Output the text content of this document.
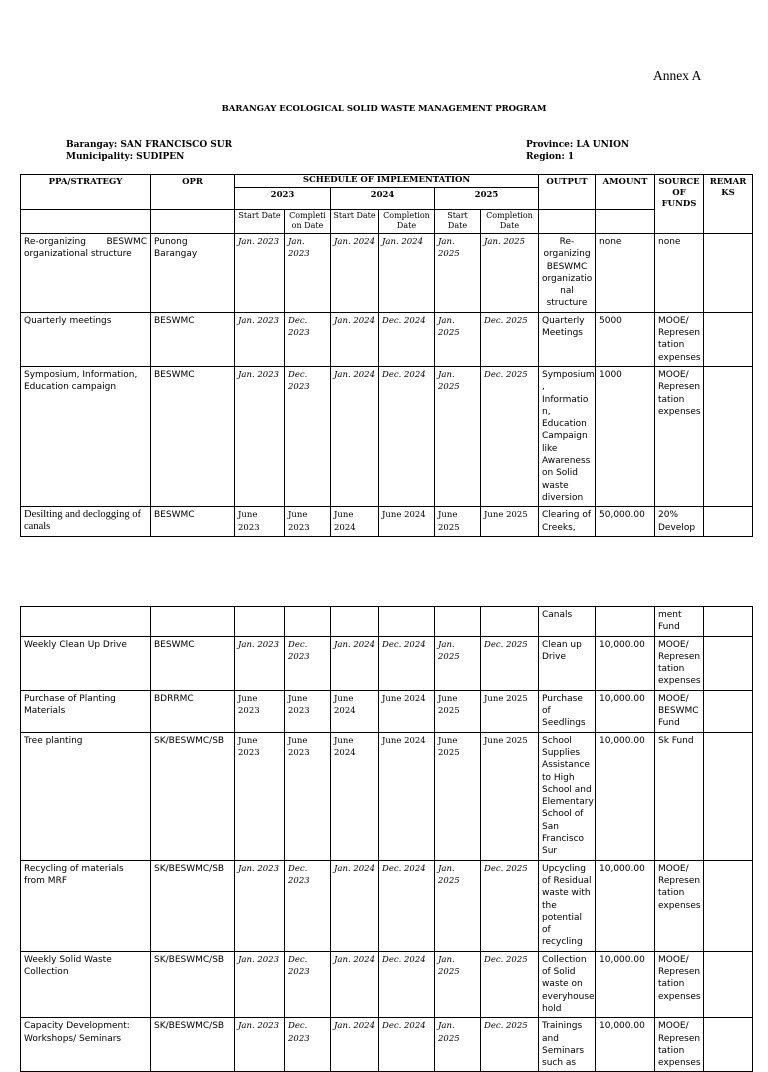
Annex A
BARANGAY ECOLOGICAL SOLID WASTE MANAGEMENT PROGRAM
Barangay: SAN FRANCISCO SUR
Municipality: SUDIPEN
Province: LA UNION
Region: 1
PPA/STRATEGY	OPR	SCHEDULE OF IMPLEMENTATION						OUTPUT	AMOUNT	SOURCE OF FUNDS	REMAR KS
		2023		2024		2025					
		Start Date	Completi on Date	Start Date	Completion Date	Start Date	Completion Date				
Re-organizing BESWMC organizational structure	Punong Barangay	Jan. 2023	Jan. 2023	Jan. 2024	Jan. 2024	Jan. 2025	Jan. 2025	Re-organizing BESWMC organizatio nal structure	none	none	
Quarterly meetings	BESWMC	Jan. 2023	Dec. 2023	Jan. 2024	Dec. 2024	Jan. 2025	Dec. 2025	Quarterly Meetings	5000	MOOE/ Represen tation expenses	
Symposium, Information, Education campaign	BESWMC	Jan. 2023	Dec. 2023	Jan. 2024	Dec. 2024	Jan. 2025	Dec. 2025	Symposium , Informatio n, Education Campaign like Awareness on Solid waste diversion	1000	MOOE/ Represen tation expenses	
Desilting and declogging of canals	BESWMC	June 2023	June 2023	June 2024	June 2024	June 2025	June 2025	Clearing of Creeks,	50,000.00	20% Develop	
								Canals		ment Fund	
Weekly Clean Up Drive	BESWMC	Jan. 2023	Dec. 2023	Jan. 2024	Dec. 2024	Jan. 2025	Dec. 2025	Clean up Drive	10,000.00	MOOE/ Represen tation expenses	
Purchase of Planting Materials	BDRRMC	June 2023	June 2023	June 2024	June 2024	June 2025	June 2025	Purchase of Seedlings	10,000.00	MOOE/ BESWMC Fund	
Tree planting	SK/BESWMC/SB	June 2023	June 2023	June 2024	June 2024	June 2025	June 2025	School Supplies Assistance to High School and Elementary School of San Francisco Sur	10,000.00	Sk Fund	
Recycling of materials from MRF	SK/BESWMC/SB	Jan. 2023	Dec. 2023	Jan. 2024	Dec. 2024	Jan. 2025	Dec. 2025	Upcycling of Residual waste with the potential of recycling	10,000.00	MOOE/ Represen tation expenses	
Weekly Solid Waste Collection	SK/BESWMC/SB	Jan. 2023	Dec. 2023	Jan. 2024	Dec. 2024	Jan. 2025	Dec. 2025	Collection of Solid waste on everyhouse hold	10,000.00	MOOE/ Represen tation expenses	
Capacity Development: Workshops/ Seminars	SK/BESWMC/SB	Jan. 2023	Dec. 2023	Jan. 2024	Dec. 2024	Jan. 2025	Dec. 2025	Trainings and Seminars such as	10,000.00	MOOE/ Represen tation expenses	
